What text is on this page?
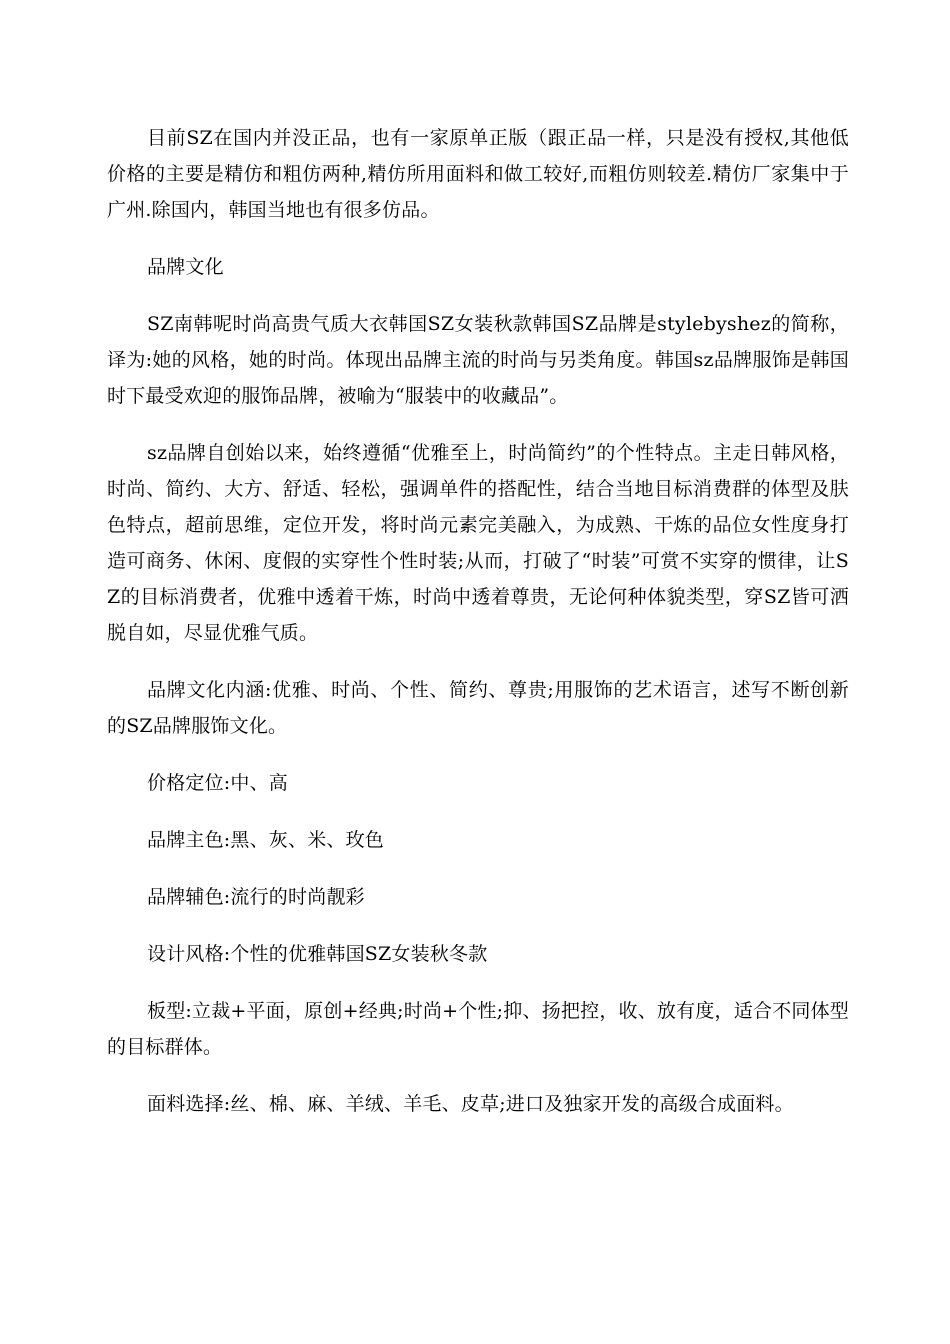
目前SZ在国内并没正品，也有一家原单正版（跟正品一样，只是没有授权,其他低价格的主要是精仿和粗仿两种,精仿所用面料和做工较好,而粗仿则较差.精仿厂家集中于广州.除国内，韩国当地也有很多仿品。

品牌文化

SZ南韩呢时尚高贵气质大衣韩国SZ女装秋款韩国SZ品牌是stylebyshez的简称，译为:她的风格，她的时尚。体现出品牌主流的时尚与另类角度。韩国sz品牌服饰是韩国时下最受欢迎的服饰品牌，被喻为“服装中的收藏品”。

sz品牌自创始以来，始终遵循“优雅至上，时尚简约”的个性特点。主走日韩风格，时尚、简约、大方、舒适、轻松，强调单件的搭配性，结合当地目标消费群的体型及肤色特点，超前思维，定位开发，将时尚元素完美融入，为成熟、干炼的品位女性度身打造可商务、休闲、度假的实穿性个性时装;从而，打破了“时装”可赏不实穿的惯律，让SZ的目标消费者，优雅中透着干炼，时尚中透着尊贵，无论何种体貌类型，穿SZ皆可洒脱自如，尽显优雅气质。

品牌文化内涵:优雅、时尚、个性、简约、尊贵;用服饰的艺术语言，述写不断创新的SZ品牌服饰文化。

价格定位:中、高

品牌主色:黑、灰、米、玫色

品牌辅色:流行的时尚靓彩

设计风格:个性的优雅韩国SZ女装秋冬款

板型:立裁+平面，原创+经典;时尚+个性;抑、扬把控，收、放有度，适合不同体型的目标群体。

面料选择:丝、棉、麻、羊绒、羊毛、皮草;进口及独家开发的高级合成面料。
